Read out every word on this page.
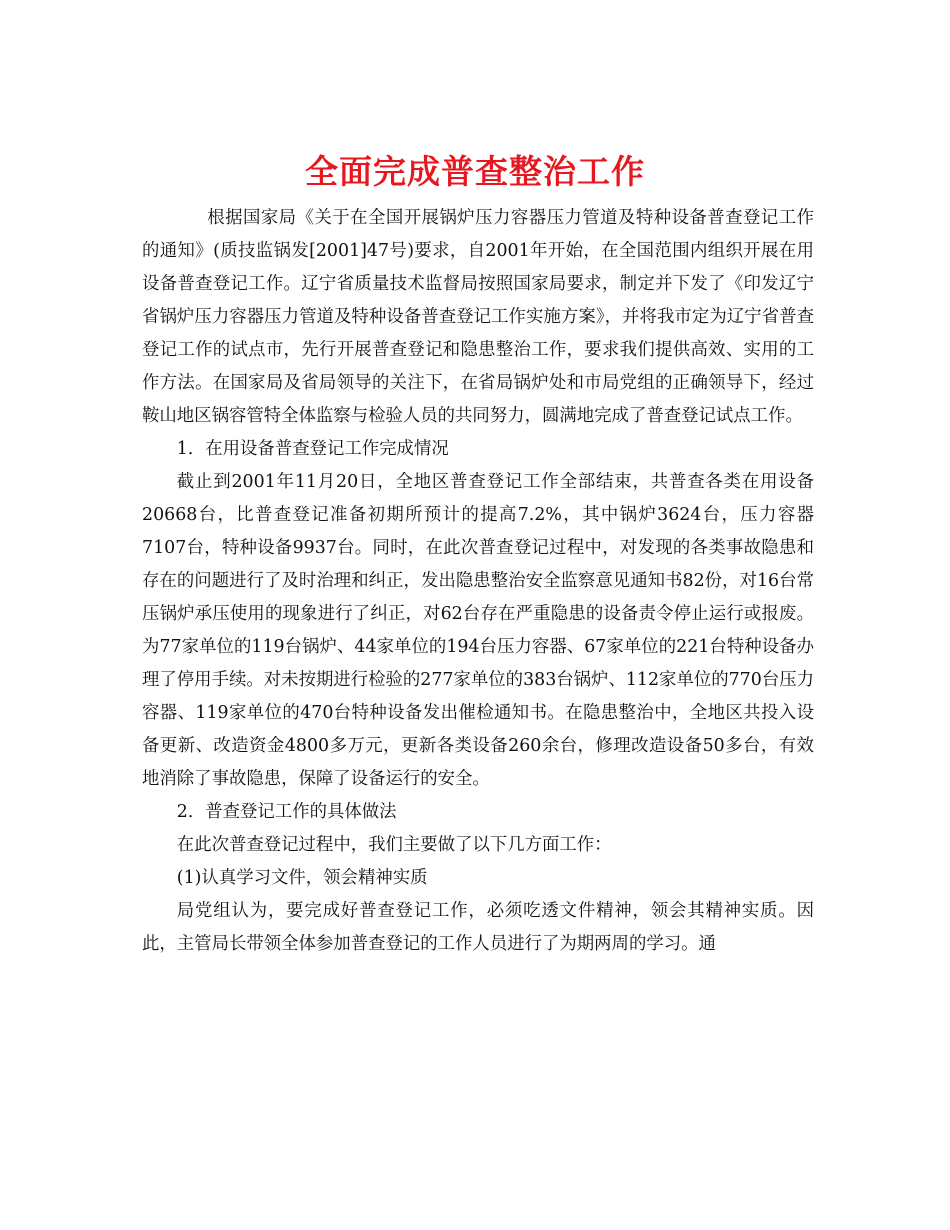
全面完成普查整治工作

根据国家局《关于在全国开展锅炉压力容器压力管道及特种设备普查登记工作的通知》(质技监锅发[2001]47号)要求，自2001年开始，在全国范围内组织开展在用设备普查登记工作。辽宁省质量技术监督局按照国家局要求，制定并下发了《印发辽宁省锅炉压力容器压力管道及特种设备普查登记工作实施方案》，并将我市定为辽宁省普查登记工作的试点市，先行开展普查登记和隐患整治工作，要求我们提供高效、实用的工作方法。在国家局及省局领导的关注下，在省局锅炉处和市局党组的正确领导下，经过鞍山地区锅容管特全体监察与检验人员的共同努力，圆满地完成了普查登记试点工作。

1．在用设备普查登记工作完成情况

截止到2001年11月20日，全地区普查登记工作全部结束，共普查各类在用设备20668台，比普查登记准备初期所预计的提高7.2%，其中锅炉3624台，压力容器7107台，特种设备9937台。同时，在此次普查登记过程中，对发现的各类事故隐患和存在的问题进行了及时治理和纠正，发出隐患整治安全监察意见通知书82份，对16台常压锅炉承压使用的现象进行了纠正，对62台存在严重隐患的设备责令停止运行或报废。为77家单位的119台锅炉、44家单位的194台压力容器、67家单位的221台特种设备办理了停用手续。对未按期进行检验的277家单位的383台锅炉、112家单位的770台压力容器、119家单位的470台特种设备发出催检通知书。在隐患整治中，全地区共投入设备更新、改造资金4800多万元，更新各类设备260余台，修理改造设备50多台，有效地消除了事故隐患，保障了设备运行的安全。

2．普查登记工作的具体做法

在此次普查登记过程中，我们主要做了以下几方面工作：

(1)认真学习文件，领会精神实质

局党组认为，要完成好普查登记工作，必须吃透文件精神，领会其精神实质。因此，主管局长带领全体参加普查登记的工作人员进行了为期两周的学习。通
